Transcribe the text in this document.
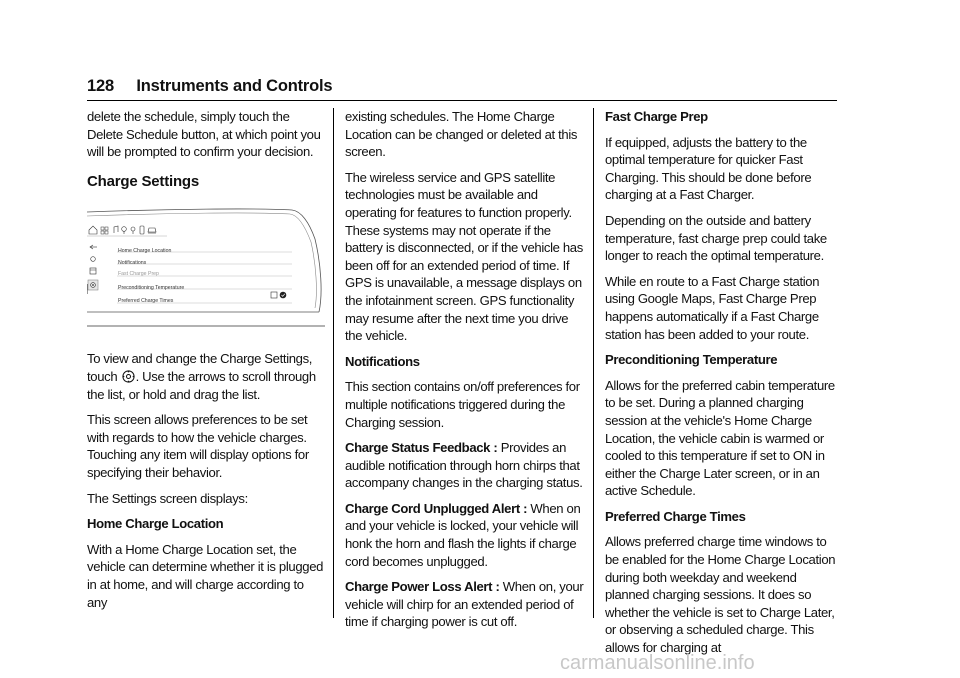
128 Instruments and Controls

delete the schedule, simply touch the Delete Schedule button, at which point you will be prompted to confirm your decision.

Charge Settings
Home Charge Location
Notifications
Fast Charge Prep
Preconditioning Temperature
Preferred Charge Times

To view and change the Charge Settings, touch . Use the arrows to scroll through the list, or hold and drag the list.

This screen allows preferences to be set with regards to how the vehicle charges. Touching any item will display options for specifying their behavior.

The Settings screen displays:

Home Charge Location

With a Home Charge Location set, the vehicle can determine whether it is plugged in at home, and will charge according to any

existing schedules. The Home Charge Location can be changed or deleted at this screen.

The wireless service and GPS satellite technologies must be available and operating for features to function properly. These systems may not operate if the battery is disconnected, or if the vehicle has been off for an extended period of time. If GPS is unavailable, a message displays on the infotainment screen. GPS functionality may resume after the next time you drive the vehicle.

Notifications

This section contains on/off preferences for multiple notifications triggered during the Charging session.

Charge Status Feedback : Provides an audible notification through horn chirps that accompany changes in the charging status.

Charge Cord Unplugged Alert : When on and your vehicle is locked, your vehicle will honk the horn and flash the lights if charge cord becomes unplugged.

Charge Power Loss Alert : When on, your vehicle will chirp for an extended period of time if charging power is cut off.

Fast Charge Prep

If equipped, adjusts the battery to the optimal temperature for quicker Fast Charging. This should be done before charging at a Fast Charger.

Depending on the outside and battery temperature, fast charge prep could take longer to reach the optimal temperature.

While en route to a Fast Charge station using Google Maps, Fast Charge Prep happens automatically if a Fast Charge station has been added to your route.

Preconditioning Temperature

Allows for the preferred cabin temperature to be set. During a planned charging session at the vehicle's Home Charge Location, the vehicle cabin is warmed or cooled to this temperature if set to ON in either the Charge Later screen, or in an active Schedule.

Preferred Charge Times

Allows preferred charge time windows to be enabled for the Home Charge Location during both weekday and weekend planned charging sessions. It does so whether the vehicle is set to Charge Later, or observing a scheduled charge. This allows for charging at

carmanualsonline.info
